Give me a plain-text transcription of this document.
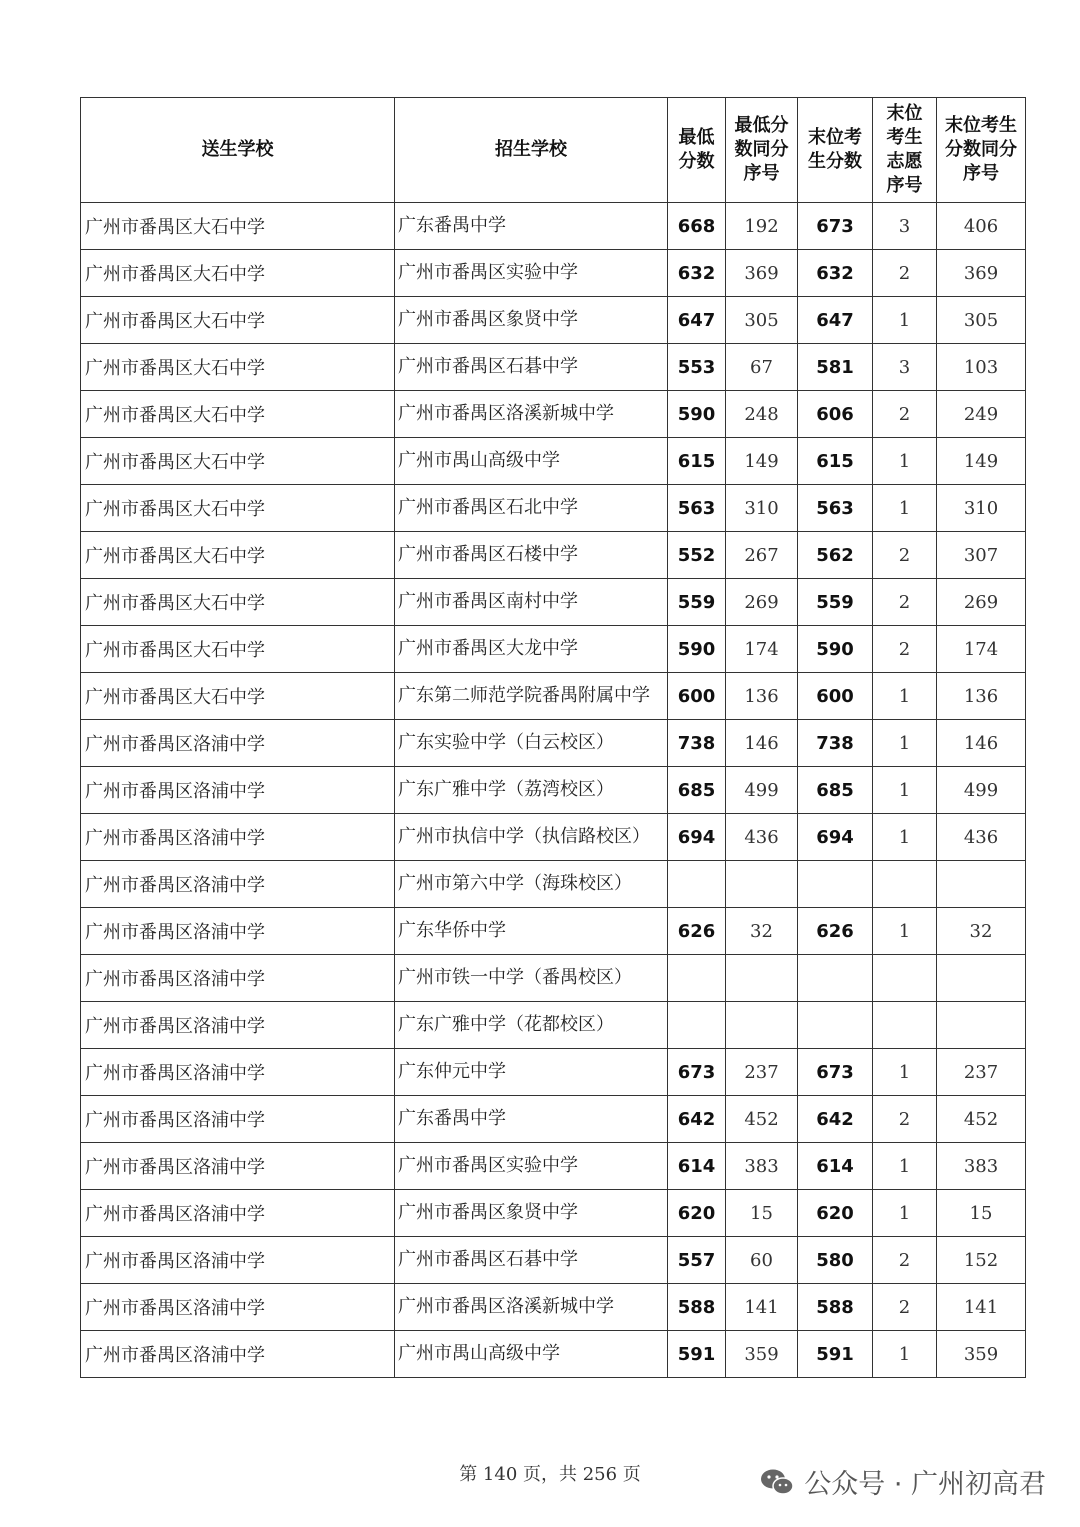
送生学校	招生学校	最低分数	最低分数同分序号	末位考生分数	末位考生志愿序号	末位考生分数同分序号

广州市番禺区大石中学	广东番禺中学	668	192	673	3	406
广州市番禺区大石中学	广州市番禺区实验中学	632	369	632	2	369
广州市番禺区大石中学	广州市番禺区象贤中学	647	305	647	1	305
广州市番禺区大石中学	广州市番禺区石碁中学	553	67	581	3	103
广州市番禺区大石中学	广州市番禺区洛溪新城中学	590	248	606	2	249
广州市番禺区大石中学	广州市禺山高级中学	615	149	615	1	149
广州市番禺区大石中学	广州市番禺区石北中学	563	310	563	1	310
广州市番禺区大石中学	广州市番禺区石楼中学	552	267	562	2	307
广州市番禺区大石中学	广州市番禺区南村中学	559	269	559	2	269
广州市番禺区大石中学	广州市番禺区大龙中学	590	174	590	2	174
广州市番禺区大石中学	广东第二师范学院番禺附属中学	600	136	600	1	136
广州市番禺区洛浦中学	广东实验中学（白云校区）	738	146	738	1	146
广州市番禺区洛浦中学	广东广雅中学（荔湾校区）	685	499	685	1	499
广州市番禺区洛浦中学	广州市执信中学（执信路校区）	694	436	694	1	436
广州市番禺区洛浦中学	广州市第六中学（海珠校区）					
广州市番禺区洛浦中学	广东华侨中学	626	32	626	1	32
广州市番禺区洛浦中学	广州市铁一中学（番禺校区）					
广州市番禺区洛浦中学	广东广雅中学（花都校区）					
广州市番禺区洛浦中学	广东仲元中学	673	237	673	1	237
广州市番禺区洛浦中学	广东番禺中学	642	452	642	2	452
广州市番禺区洛浦中学	广州市番禺区实验中学	614	383	614	1	383
广州市番禺区洛浦中学	广州市番禺区象贤中学	620	15	620	1	15
广州市番禺区洛浦中学	广州市番禺区石碁中学	557	60	580	2	152
广州市番禺区洛浦中学	广州市番禺区洛溪新城中学	588	141	588	2	141
广州市番禺区洛浦中学	广州市禺山高级中学	591	359	591	1	359
第 140 页，共 256 页	公众号 · 广州初高君
